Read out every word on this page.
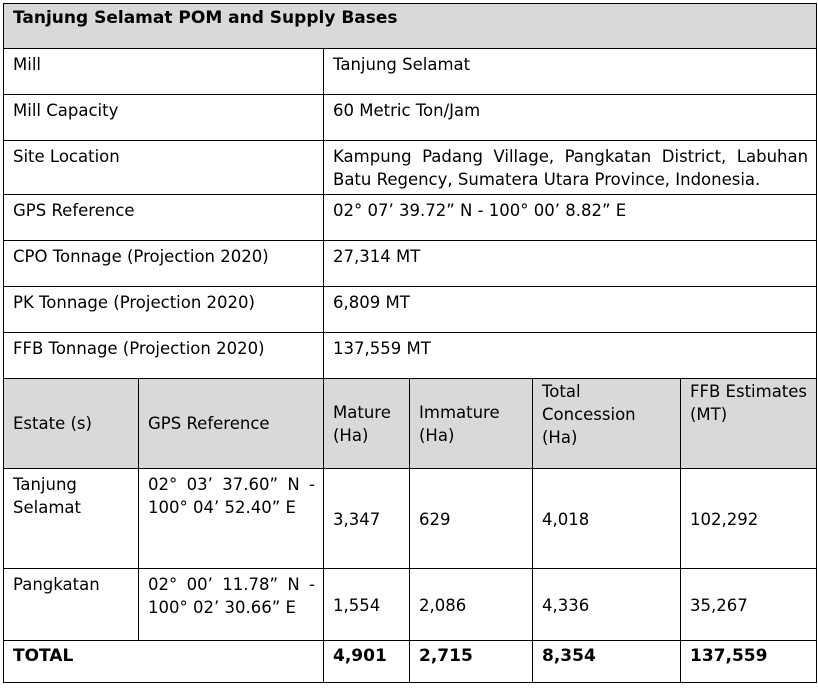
Tanjung Selamat POM and Supply Bases					
Mill		Tanjung Selamat			
Mill Capacity		60 Metric Ton/Jam			
Site Location		Kampung Padang Village, Pangkatan District, Labuhan Batu Regency, Sumatera Utara Province, Indonesia.			
GPS Reference		02° 07’ 39.72” N - 100° 00’ 8.82” E			
CPO Tonnage (Projection 2020)		27,314 MT			
PK Tonnage (Projection 2020)		6,809 MT			
FFB Tonnage (Projection 2020)		137,559 MT			
Estate (s)	GPS Reference	Mature (Ha)	Immature (Ha)	Total Concession (Ha)	FFB Estimates (MT)
Tanjung Selamat	02° 03’ 37.60” N - 100° 04’ 52.40” E	3,347	629	4,018	102,292
Pangkatan	02° 00’ 11.78” N - 100° 02’ 30.66” E	1,554	2,086	4,336	35,267
TOTAL		4,901	2,715	8,354	137,559
